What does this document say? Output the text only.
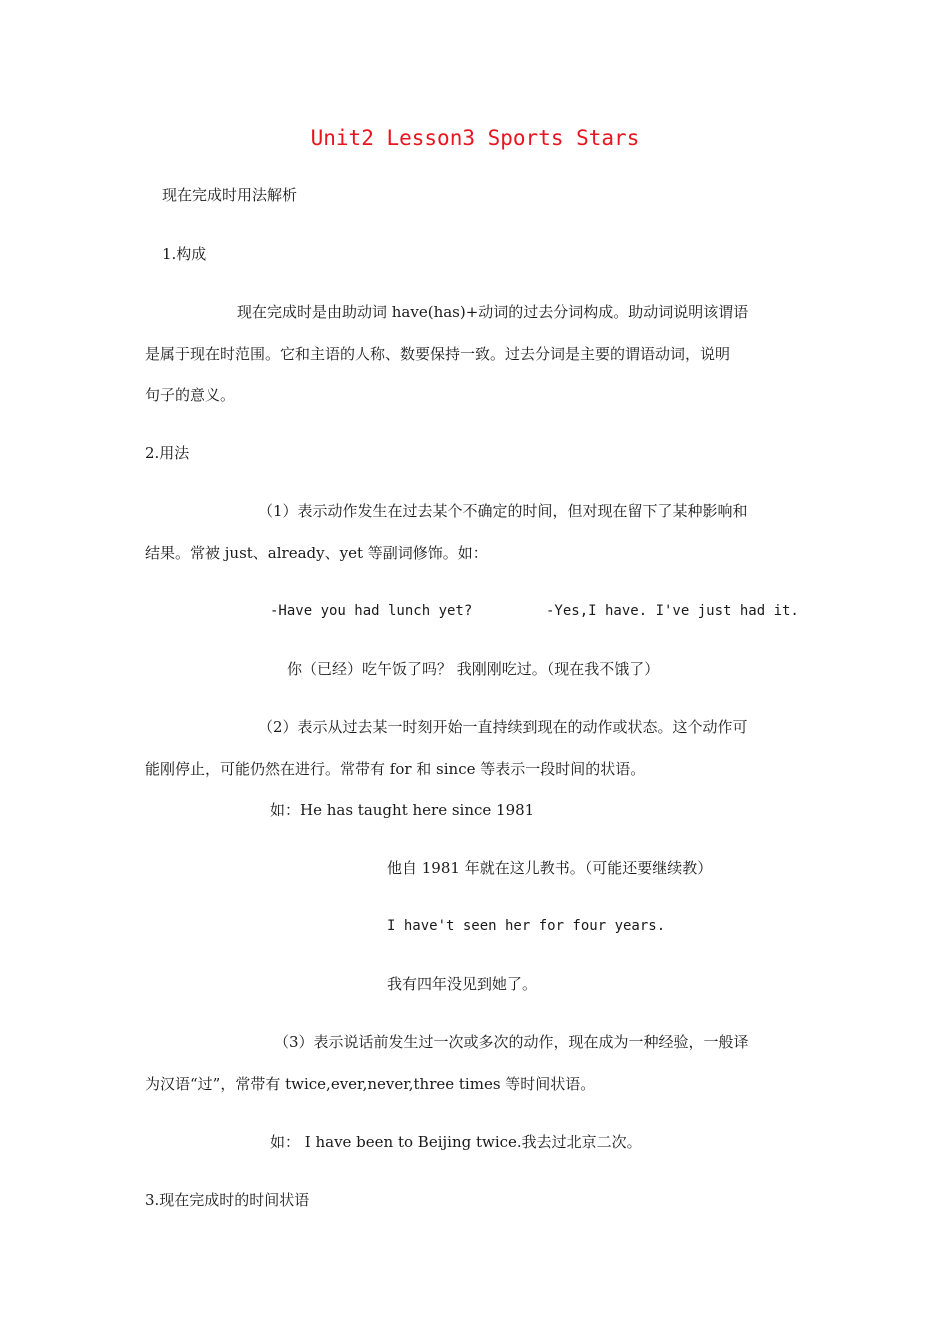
Unit2 Lesson3 Sports Stars
现在完成时用法解析
1.构成
现在完成时是由助动词 have(has)+动词的过去分词构成。助动词说明该谓语
是属于现在时范围。它和主语的人称、数要保持一致。过去分词是主要的谓语动词，说明
句子的意义。
2.用法
（1）表示动作发生在过去某个不确定的时间，但对现在留下了某种影响和
结果。常被 just、already、yet 等副词修饰。如：
-Have you had lunch yet?	-Yes,I have. I've just had it.
你（已经）吃午饭了吗？ 我刚刚吃过。（现在我不饿了）
（2）表示从过去某一时刻开始一直持续到现在的动作或状态。这个动作可
能刚停止，可能仍然在进行。常带有 for 和 since 等表示一段时间的状语。
如：He has taught here since 1981
他自 1981 年就在这儿教书。（可能还要继续教）
I have't seen her for four years.
我有四年没见到她了。
（3）表示说话前发生过一次或多次的动作，现在成为一种经验，一般译
为汉语“过”，常带有 twice,ever,never,three times 等时间状语。
如： I have been to Beijing twice.我去过北京二次。
3.现在完成时的时间状语
